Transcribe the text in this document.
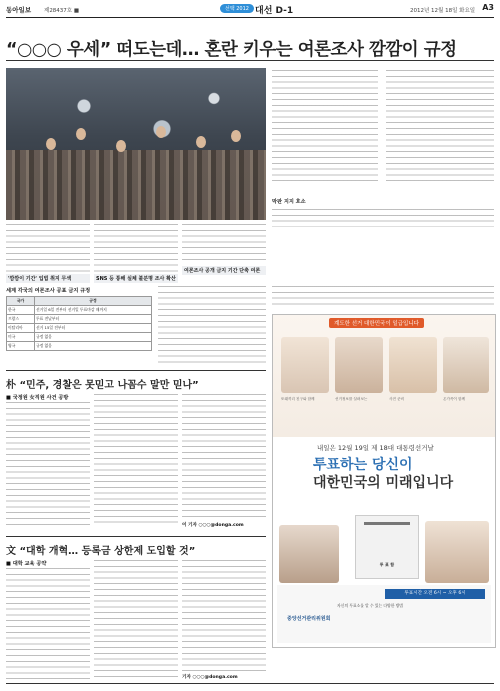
동아일보 제28437호 ■	선택 2012 대선 D-1	2012년 12월 18일 화요일 A3
“○○○ 우세” 떠도는데… 혼란 키우는 여론조사 깜깜이 규정
막판 지지 호소
'깜깜이 기간' 입법 취지 무색	SNS 등 통해 실체 불분명 조사 확산
여론조사 공개 금지 기간 단축 여론
세계 각국의 여론조사 공표 금지 규정
국가	규정
한국	선거일 6일 전부터 선거일 투표마감 때까지
프랑스	투표 전날부터
이탈리아	선거 15일 전부터
미국	규정 없음
영국	규정 없음
朴 “민주, 경찰은 못믿고 나꼼수 말만 믿나”
■ 국정원 女직원 사건 공방
이 기자 ○○○@donga.com
文 “대학 개혁… 등록금 상한제 도입할 것”
■ 대학 교육 공약
기자 ○○○@donga.com
계도한 선거 대한민국이 일급입니다
또래끼리 친구와 함께	선거정보를 살펴보는	사전 준비	온가족이 함께
내일은 12월 19일 제 18대 대통령선거날
투표하는 당신이
대한민국의 미래입니다
투 표 함
투표시간 오전 6시 ~ 오후 6시
자신의 투표소를 알 수 있는 다양한 방법
중앙선거관리위원회
